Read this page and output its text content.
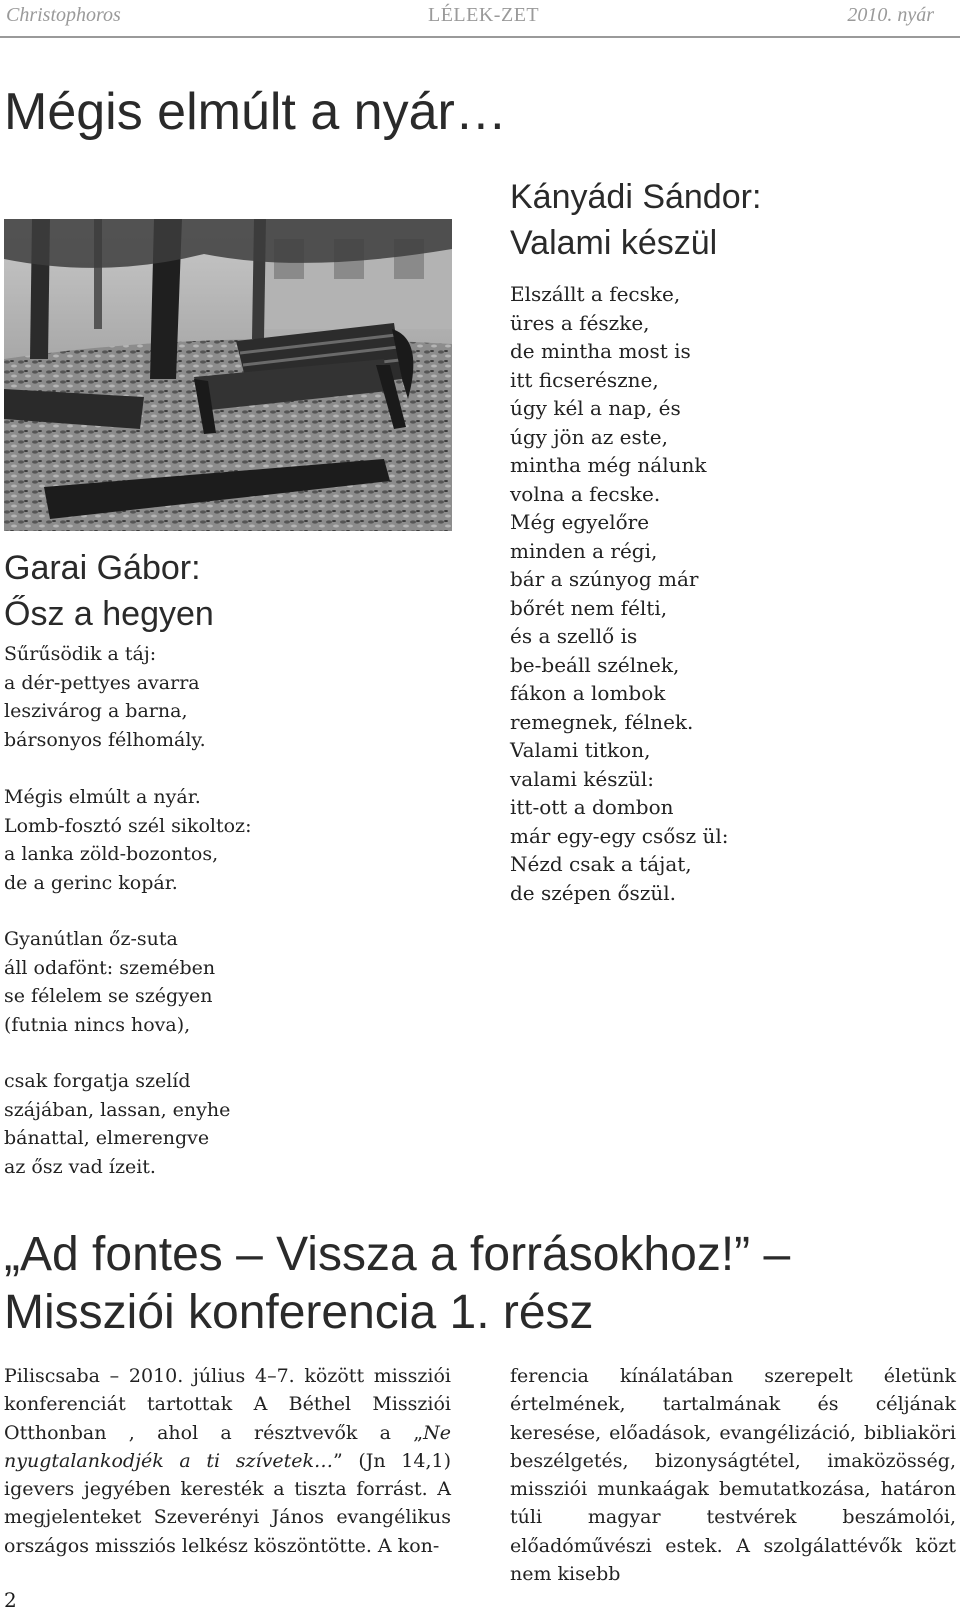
Christophoros	LÉLEK-ZET	2010. nyár
Mégis elmúlt a nyár…
Kányádi Sándor:
Valami készül
Elszállt a fecske,
üres a fészke,
de mintha most is
itt ficserészne,
úgy kél a nap, és
úgy jön az este,
mintha még nálunk
volna a fecske.
Még egyelőre
minden a régi,
bár a szúnyog már
bőrét nem félti,
és a szellő is
be-beáll szélnek,
fákon a lombok
remegnek, félnek.
Valami titkon,
valami készül:
itt-ott a dombon
már egy-egy csősz ül:
Nézd csak a tájat,
de szépen őszül.
Garai Gábor:
Ősz a hegyen
Sűrűsödik a táj:
a dér-pettyes avarra
leszivárog a barna,
bársonyos félhomály.
Mégis elmúlt a nyár.
Lomb-fosztó szél sikoltoz:
a lanka zöld-bozontos,
de a gerinc kopár.
Gyanútlan őz-suta
áll odafönt: szemében
se félelem se szégyen
(futnia nincs hova),
csak forgatja szelíd
szájában, lassan, enyhe
bánattal, elmerengve
az ősz vad ízeit.
„Ad fontes – Vissza a forrásokhoz!” –
Missziói konferencia 1. rész
Piliscsaba – 2010. július 4–7. között missziói konferenciát tartottak A Béthel Missziói Otthonban , ahol a résztvevők a „Ne nyugtalankodjék a ti szívetek…” (Jn 14,1) igevers jegyében keresték a tiszta forrást. A megjelenteket Szeverényi János evangélikus országos missziós lelkész köszöntötte. A kon-
ferencia kínálatában szerepelt életünk értelmének, tartalmának és céljának keresése, előadások, evangélizáció, bibliaköri beszélgetés, bizonyságtétel, imaközösség, missziói munkaágak bemutatkozása, határon túli magyar testvérek beszámolói, előadóművészi estek. A szolgálattévők közt nem kisebb
2
